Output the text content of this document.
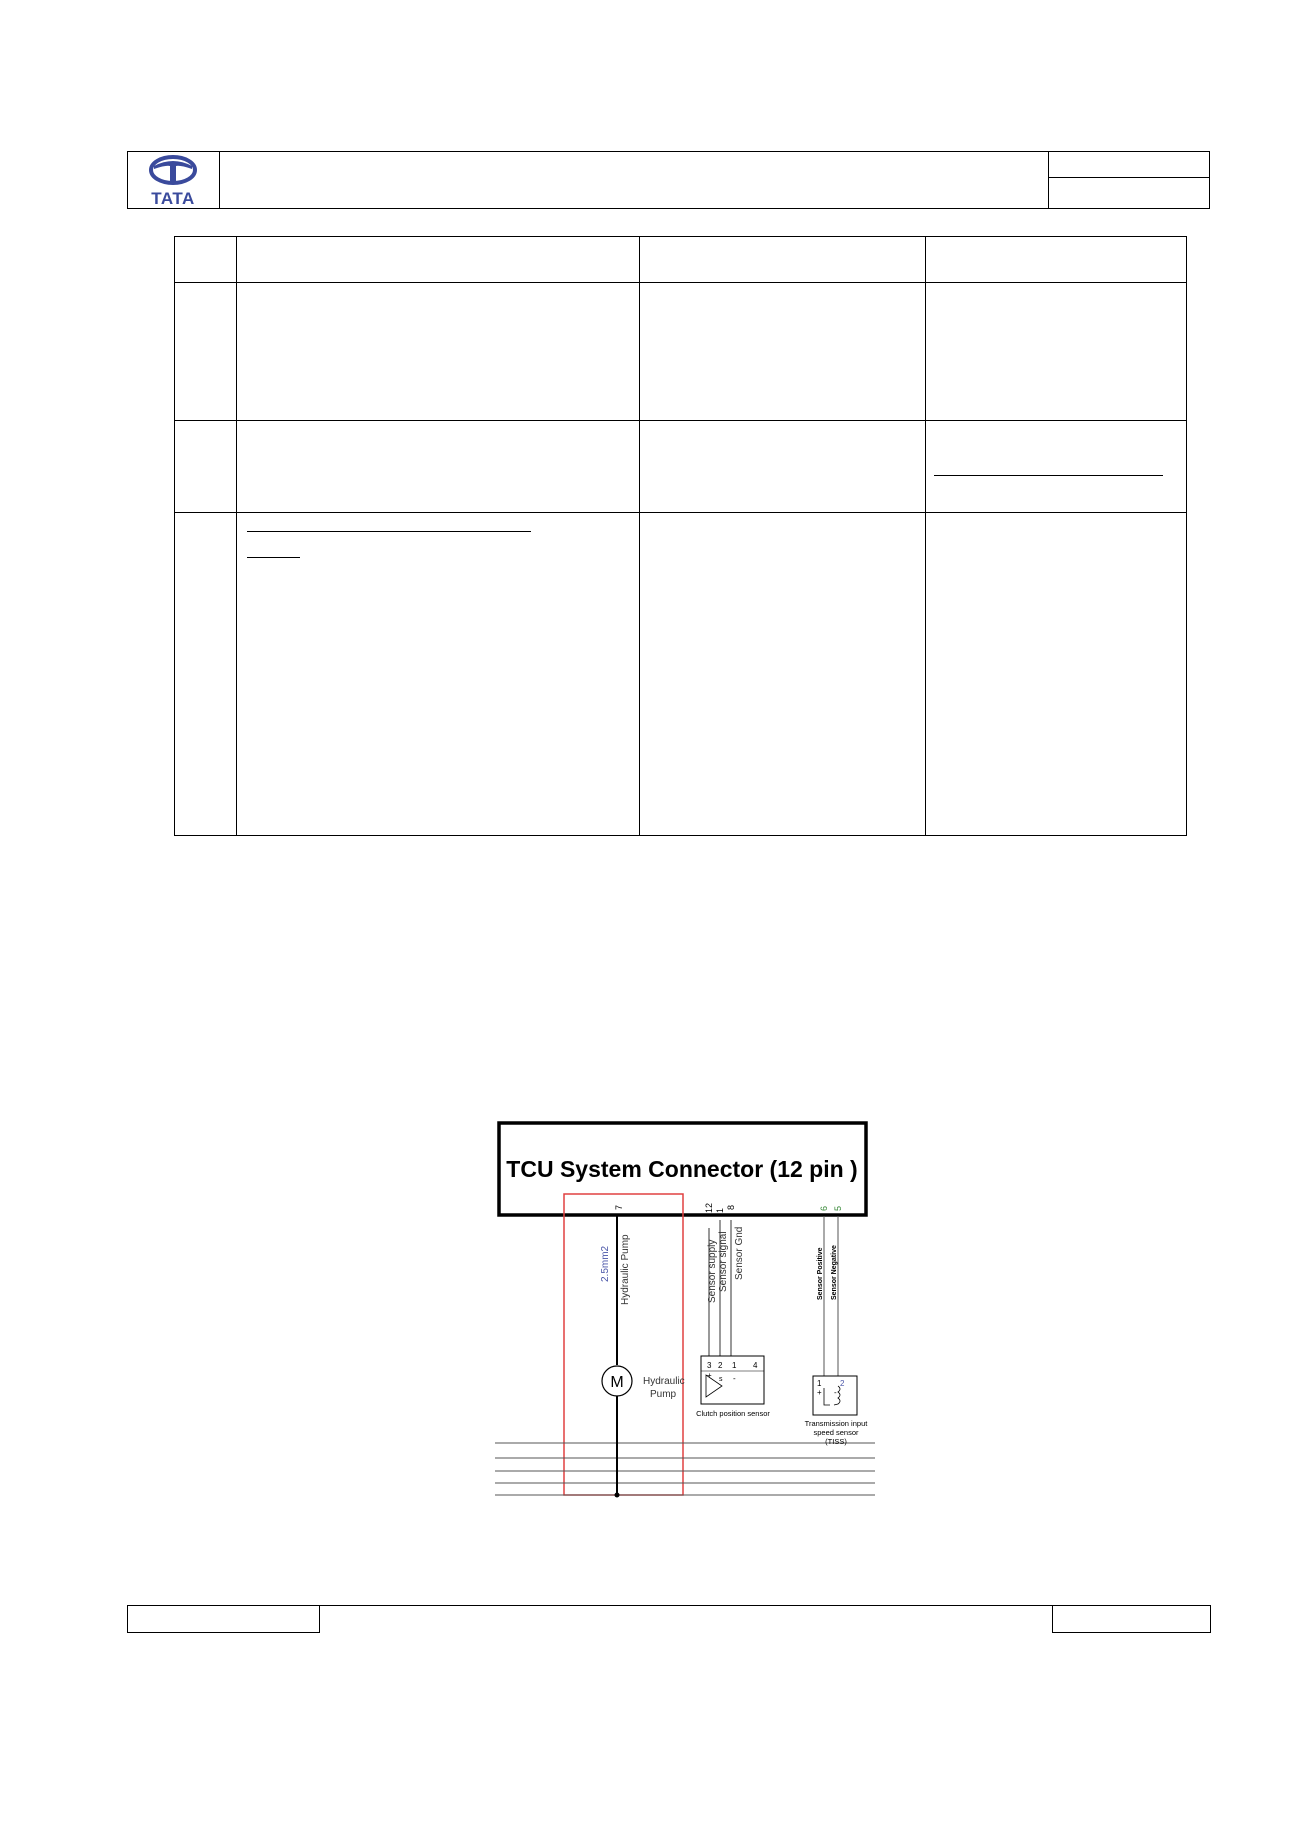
TATA
TCU System Connector (12 pin )
7
2.5mm2 Hydraulic Pump
M Hydraulic
Pump
12 1
8
Sensor supply Sensor signal Sensor Gnd
3 2 1 4
+ s -
Clutch position sensor
6 5
Sensor Positive Sensor Negative
1 2
+ -
Transmission input
speed sensor
(TISS)
